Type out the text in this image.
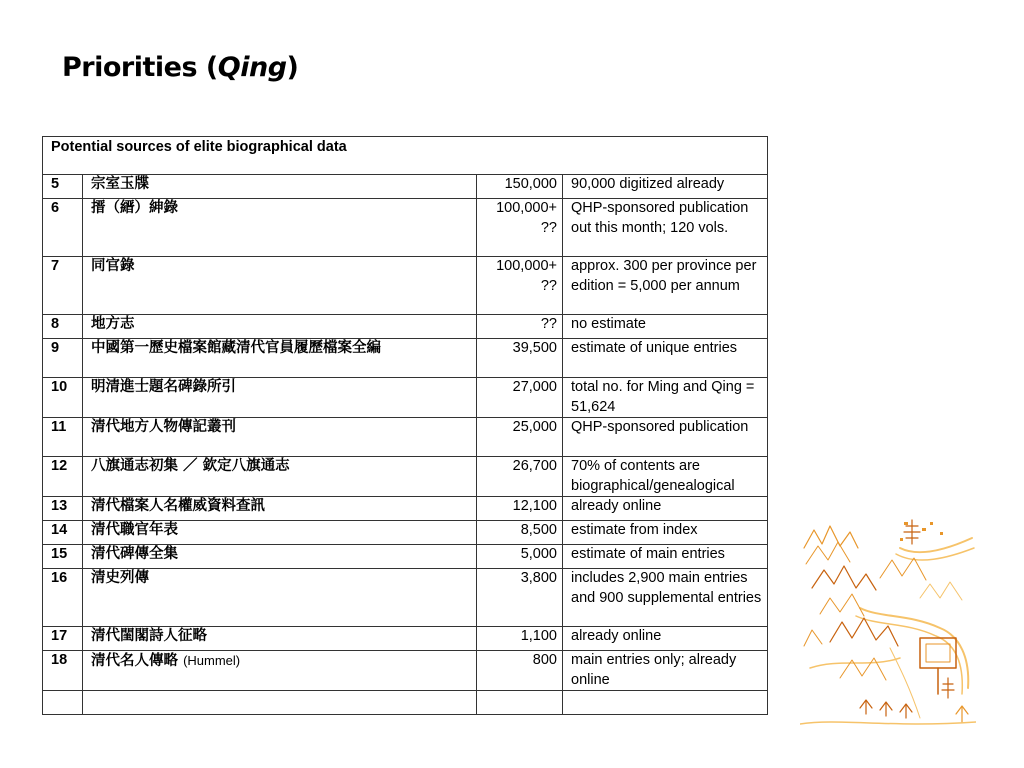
Priorities (Qing)
Potential sources of elite biographical data			
5	宗室玉牒	150,000	90,000 digitized already
6	搢（縉）紳錄	100,000+ ??	QHP-sponsored publication out this month; 120 vols.
7	同官錄	100,000+ ??	approx. 300 per province per edition = 5,000 per annum
8	地方志	??	no estimate
9	中國第一歷史檔案館藏清代官員履歷檔案全編	39,500	estimate of unique entries
10	明清進士題名碑錄所引	27,000	total no. for Ming and Qing = 51,624
11	清代地方人物傳記叢刊	25,000	QHP-sponsored publication
12	八旗通志初集 ／ 欽定八旗通志	26,700	70% of contents are biographical/genealogical
13	清代檔案人名權威資料查訊	12,100	already online
14	清代職官年表	8,500	estimate from index
15	清代碑傳全集	5,000	estimate of main entries
16	清史列傳	3,800	includes 2,900 main entries and 900 supplemental entries
17	清代閨閣詩人征略	1,100	already online
18	清代名人傳略 (Hummel)	800	main entries only; already online
